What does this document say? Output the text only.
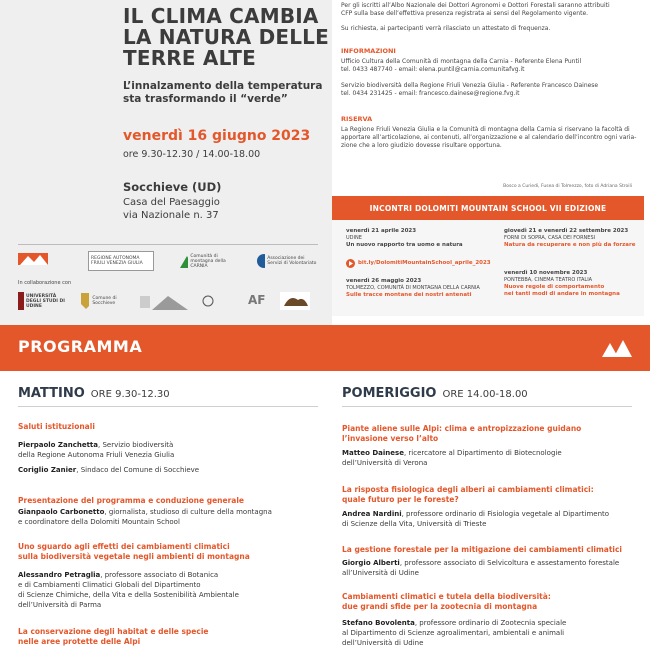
IL CLIMA CAMBIA
LA NATURA DELLE
TERRE ALTE
L’innalzamento della temperatura
sta trasformando il “verde”
venerdì 16 giugno 2023
ore 9.30-12.30 / 14.00-18.00
Socchieve (UD)
Casa del Paesaggio
via Nazionale n. 37
REGIONE AUTONOMA FRIULI VENEZIA GIULIA
Comunità di montagna della CARNIA
Associazione dei Servizi di Volontariato
In collaborazione con
UNIVERSITÀ DEGLI STUDI DI UDINE
Comune di Socchieve	AF
Per gli iscritti all’Albo Nazionale dei Dottori Agronomi e Dottori Forestali saranno attribuiti
CFP sulla base dell’effettiva presenza registrata ai sensi del Regolamento vigente.
Su richiesta, ai partecipanti verrà rilasciato un attestato di frequenza.
INFORMAZIONI
Ufficio Cultura della Comunità di montagna della Carnia - Referente Elena Puntil
tel. 0433 487740 - email: elena.puntil@carnia.comunitafvg.it
Servizio biodiversità della Regione Friuli Venezia Giulia - Referente Francesco Dainese
tel. 0434 231425 - email: francesco.dainese@regione.fvg.it
RISERVA
La Regione Friuli Venezia Giulia e la Comunità di montagna della Carnia si riservano la facoltà di
apportare all’articolazione, ai contenuti, all’organizzazione e al calendario dell’incontro ogni varia-
zione che a loro giudizio dovesse risultare opportuna.
Bosco a Curiedi, Fusea di Tolmezzo, foto di Adriana Stroili
INCONTRI DOLOMITI MOUNTAIN SCHOOL VII EDIZIONE
venerdì 21 aprile 2023
UDINE
Un nuovo rapporto tra uomo e natura
giovedì 21 e venerdì 22 settembre 2023
FORNI DI SOPRA, CASA DEI FORNESI
Natura da recuperare e non più da forzare
bit.ly/DolomitiMountainSchool_aprile_2023
venerdì 10 novembre 2023
PONTEBBA, CINEMA TEATRO ITALIA
Nuove regole di comportamento
nei tanti modi di andare in montagna
venerdì 26 maggio 2023
TOLMEZZO, COMUNITÀ DI MONTAGNA DELLA CARNIA
Sulle tracce montane dei nostri antenati
PROGRAMMA
MATTINO ORE 9.30-12.30	POMERIGGIO ORE 14.00-18.00
Saluti istituzionali
Pierpaolo Zanchetta, Servizio biodiversità
della Regione Autonoma Friuli Venezia Giulia
Coriglio Zanier, Sindaco del Comune di Socchieve
Presentazione del programma e conduzione generale
Gianpaolo Carbonetto, giornalista, studioso di culture della montagna
e coordinatore della Dolomiti Mountain School
Uno sguardo agli effetti dei cambiamenti climatici
sulla biodiversità vegetale negli ambienti di montagna
Alessandro Petraglia, professore associato di Botanica
e di Cambiamenti Climatici Globali del Dipartimento
di Scienze Chimiche, della Vita e della Sostenibilità Ambientale
dell’Università di Parma
La conservazione degli habitat e delle specie
nelle aree protette delle Alpi
Piante aliene sulle Alpi: clima e antropizzazione guidano
l’invasione verso l’alto
Matteo Dainese, ricercatore al Dipartimento di Biotecnologie
dell’Università di Verona
La risposta fisiologica degli alberi ai cambiamenti climatici:
quale futuro per le foreste?
Andrea Nardini, professore ordinario di Fisiologia vegetale al Dipartimento
di Scienze della Vita, Università di Trieste
La gestione forestale per la mitigazione dei cambiamenti climatici
Giorgio Alberti, professore associato di Selvicoltura e assestamento forestale
all’Università di Udine
Cambiamenti climatici e tutela della biodiversità:
due grandi sfide per la zootecnia di montagna
Stefano Bovolenta, professore ordinario di Zootecnia speciale
al Dipartimento di Scienze agroalimentari, ambientali e animali
dell’Università di Udine
